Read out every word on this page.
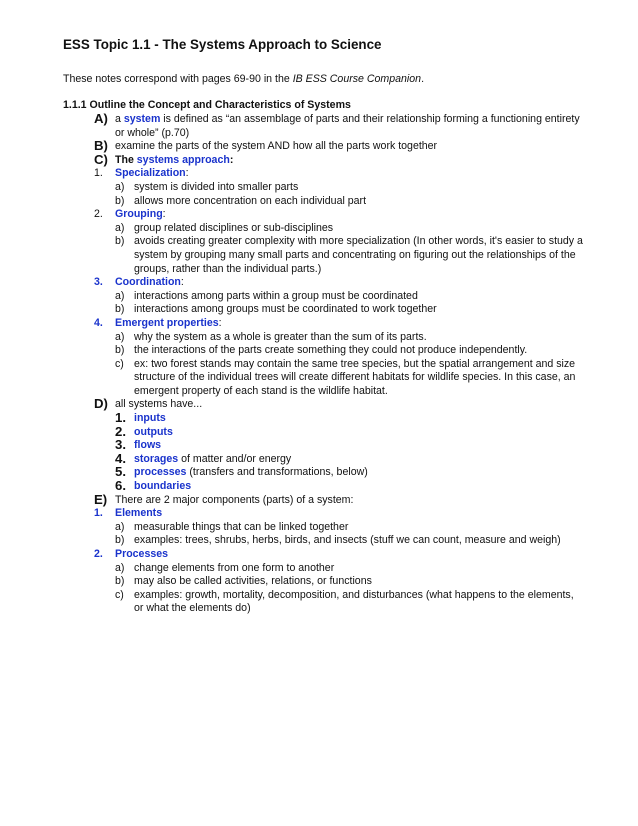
ESS Topic 1.1 - The Systems Approach to Science
These notes correspond with pages 69-90 in the IB ESS Course Companion.
1.1.1 Outline the Concept and Characteristics of Systems
A) a system is defined as “an assemblage of parts and their relationship forming a functioning entirety or whole” (p.70)
B) examine the parts of the system AND how all the parts work together
C) The systems approach:
1. Specialization:
a) system is divided into smaller parts
b) allows more concentration on each individual part
2. Grouping:
a) group related disciplines or sub-disciplines
b) avoids creating greater complexity with more specialization (In other words, it's easier to study a system by grouping many small parts and concentrating on figuring out the relationships of the groups, rather than the individual parts.)
3. Coordination:
a) interactions among parts within a group must be coordinated
b) interactions among groups must be coordinated to work together
4. Emergent properties:
a) why the system as a whole is greater than the sum of its parts.
b) the interactions of the parts create something they could not produce independently.
c) ex: two forest stands may contain the same tree species, but the spatial arrangement and size structure of the individual trees will create different habitats for wildlife species. In this case, an emergent property of each stand is the wildlife habitat.
D) all systems have...
1. inputs
2. outputs
3. flows
4. storages of matter and/or energy
5. processes (transfers and transformations, below)
6. boundaries
E) There are 2 major components (parts) of a system:
1. Elements
a) measurable things that can be linked together
b) examples: trees, shrubs, herbs, birds, and insects (stuff we can count, measure and weigh)
2. Processes
a) change elements from one form to another
b) may also be called activities, relations, or functions
c) examples: growth, mortality, decomposition, and disturbances (what happens to the elements, or what the elements do)
